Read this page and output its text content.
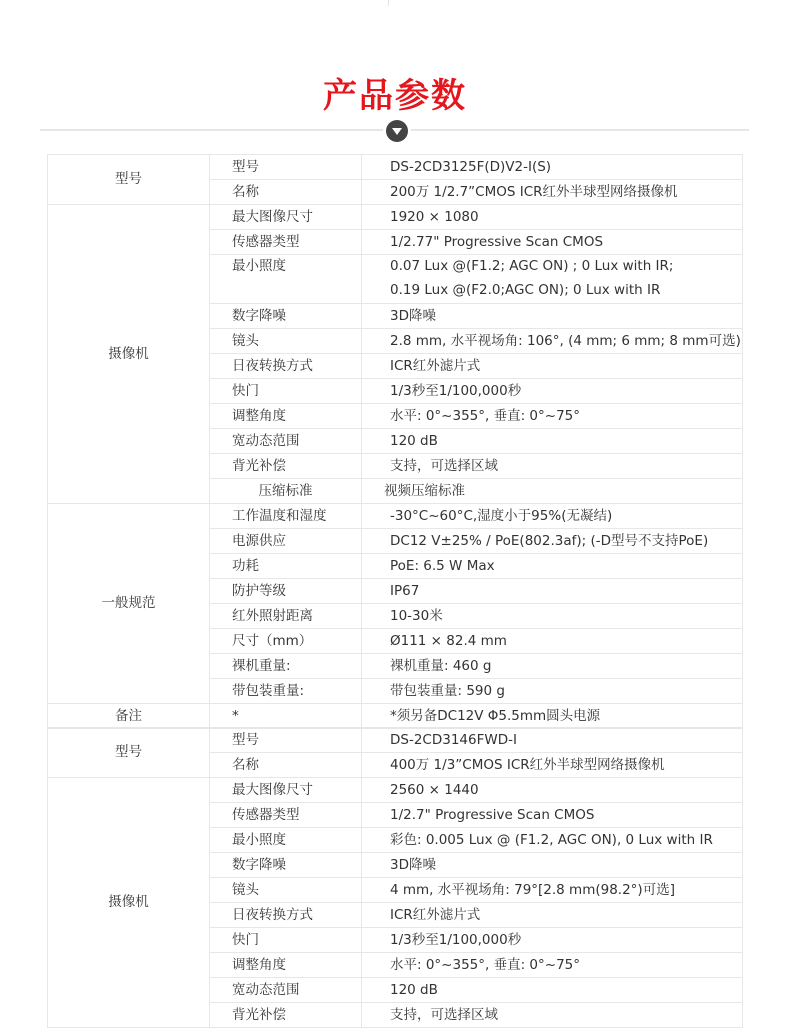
产品参数
型号	型号	DS-2CD3125F(D)V2-I(S)	
	名称	200万 1/2.7”CMOS ICR红外半球型网络摄像机	
摄像机	最大图像尺寸	1920 × 1080	
	传感器类型	1/2.77" Progressive Scan CMOS	
	最小照度	0.07 Lux @(F1.2; AGC ON) ; 0 Lux with IR;
0.19 Lux @(F2.0;AGC ON); 0 Lux with IR	

	数字降噪	3D降噪	
	镜头	2.8 mm, 水平视场角: 106°, (4 mm; 6 mm; 8 mm可选)	
	日夜转换方式	ICR红外滤片式	
	快门	1/3秒至1/100,000秒	
	调整角度	水平: 0°~355°, 垂直: 0°~75°	
	宽动态范围	120 dB	
	背光补偿	支持，可选择区域	
	压缩标准	视频压缩标准	
一般规范	工作温度和湿度	-30°C~60°C,湿度小于95%(无凝结)	
	电源供应	DC12 V±25% / PoE(802.3af); (-D型号不支持PoE)	
	功耗	PoE: 6.5 W Max	
	防护等级	IP67	
	红外照射距离	10-30米	
	尺寸（mm）	Ø111 × 82.4 mm	
	裸机重量:	裸机重量: 460 g	
	带包装重量:	带包装重量: 590 g	
备注	*	*须另备DC12V Φ5.5mm圆头电源	
型号	型号	DS-2CD3146FWD-I
	名称	400万 1/3”CMOS ICR红外半球型网络摄像机
摄像机	最大图像尺寸	2560 × 1440
	传感器类型	1/2.7" Progressive Scan CMOS
	最小照度	彩色: 0.005 Lux @ (F1.2, AGC ON), 0 Lux with IR
	数字降噪	3D降噪
	镜头	4 mm, 水平视场角: 79°[2.8 mm(98.2°)可选]
	日夜转换方式	ICR红外滤片式
	快门	1/3秒至1/100,000秒
	调整角度	水平: 0°~355°, 垂直: 0°~75°
	宽动态范围	120 dB
	背光补偿	支持，可选择区域
